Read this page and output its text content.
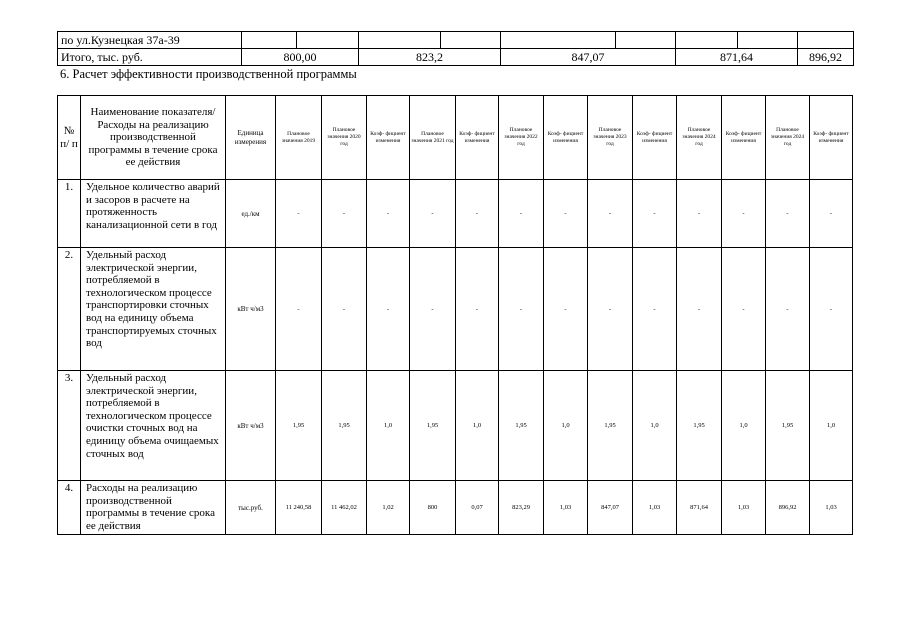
по ул.Кузнецкая 37а-39									
Итого, тыс. руб.	800,00		823,2		847,07		871,64		896,92
6. Расчет эффективности производственной программы
№ п/ п	Наименование показателя/Расходы на реализацию производственной программы в течение срока ее действия	Единица измерения	Плановое значения 2019	Плановое значения 2020 год	Коэф- фициент изменения	Плановое значения 2021 год	Коэф- фициент изменения	Плановое значения 2022 год	Коэф- фициент изменения	Плановое значения 2023 год	Коэф- фициент изменения	Плановое значения 2024 год	Коэф- фициент изменения	Плановое значения 2024 год	Коэф- фициент изменения
1.	Удельное количество аварий и засоров в расчете на протяженность канализационной сети в год	ед./км	-	-	-	-	-	-	-	-	-	-	-	-	-
2.	Удельный расход электрической энергии, потребляемой в технологическом процессе транспортировки сточных вод на единицу объема транспортируемых сточных вод	кВт ч/м3	-	-	-	-	-	-	-	-	-	-	-	-	-
3.	Удельный расход электрической энергии, потребляемой в технологическом процессе очистки сточных вод на единицу объема очищаемых сточных вод	кВт ч/м3	1,95	1,95	1,0	1,95	1,0	1,95	1,0	1,95	1,0	1,95	1,0	1,95	1,0
4.	Расходы на реализацию производственной программы в течение срока ее действия	тыс.руб.	11 240,58	11 462,02	1,02	800	0,07	823,29	1,03	847,07	1,03	871,64	1,03	896,92	1,03
